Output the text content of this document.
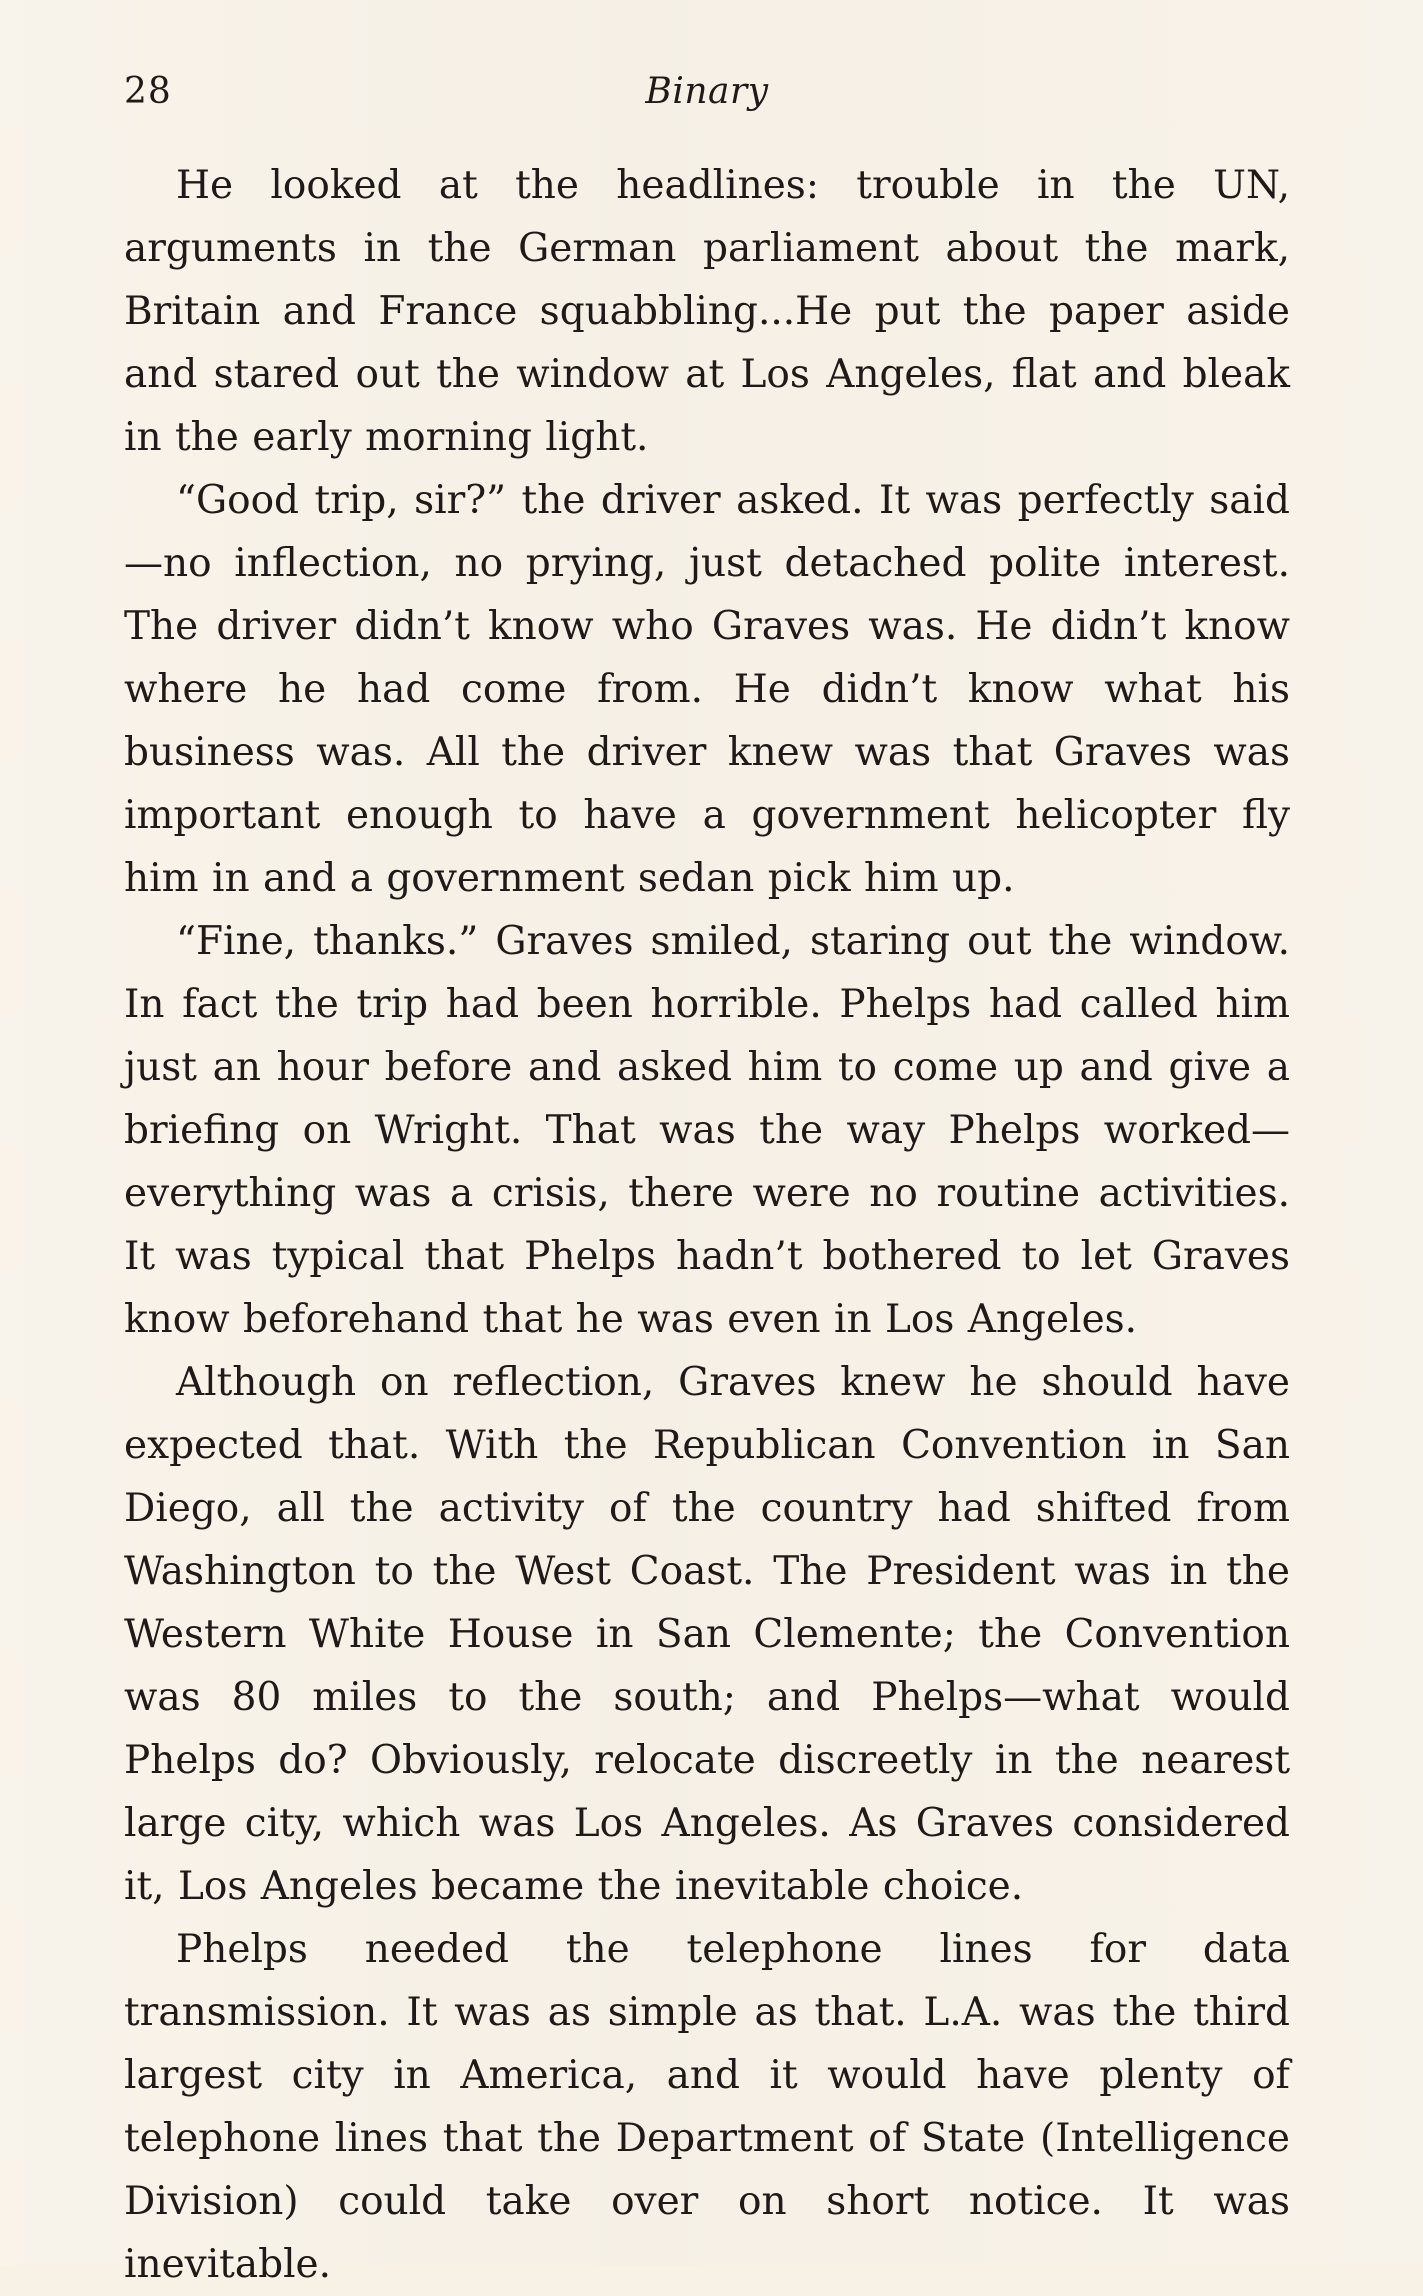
28	Binary

He looked at the headlines: trouble in the UN, arguments in the German parliament about the mark, Britain and France squabbling...He put the paper aside and stared out the window at Los Angeles, flat and bleak in the early morning light.

“Good trip, sir?” the driver asked. It was perfectly said—no inflection, no prying, just detached polite interest. The driver didn’t know who Graves was. He didn’t know where he had come from. He didn’t know what his business was. All the driver knew was that Graves was important enough to have a government helicopter fly him in and a government sedan pick him up.

“Fine, thanks.” Graves smiled, staring out the window. In fact the trip had been horrible. Phelps had called him just an hour before and asked him to come up and give a briefing on Wright. That was the way Phelps worked—everything was a crisis, there were no routine activities. It was typical that Phelps hadn’t bothered to let Graves know beforehand that he was even in Los Angeles.

Although on reflection, Graves knew he should have expected that. With the Republican Convention in San Diego, all the activity of the country had shifted from Washington to the West Coast. The President was in the Western White House in San Clemente; the Convention was 80 miles to the south; and Phelps—what would Phelps do? Obviously, relocate discreetly in the nearest large city, which was Los Angeles. As Graves considered it, Los Angeles became the inevitable choice.

Phelps needed the telephone lines for data transmission. It was as simple as that. L.A. was the third largest city in America, and it would have plenty of telephone lines that the Department of State (Intelligence Division) could take over on short notice. It was inevitable.
